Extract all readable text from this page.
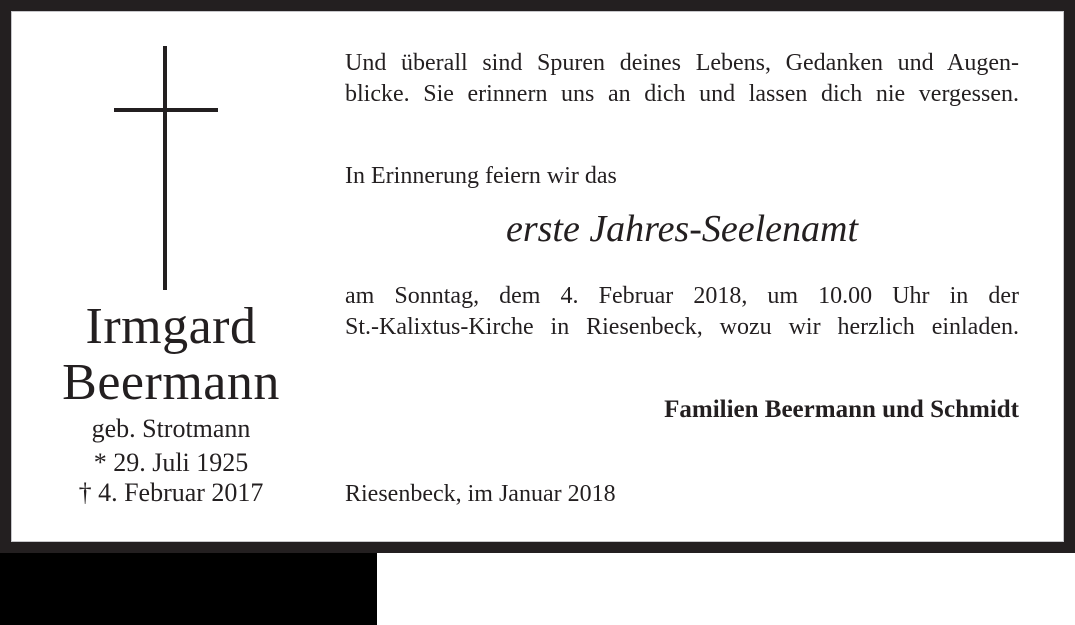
Irmgard
Beermann
geb. Strotmann
* 29. Juli 1925
† 4. Februar 2017
Und überall sind Spuren deines Lebens, Gedanken und Augen-
blicke. Sie erinnern uns an dich und lassen dich nie vergessen.
In Erinnerung feiern wir das
erste Jahres-Seelenamt
am Sonntag, dem 4. Februar 2018, um 10.00 Uhr in der
St.-Kalixtus-Kirche in Riesenbeck, wozu wir herzlich einladen.
Familien Beermann und Schmidt
Riesenbeck, im Januar 2018
